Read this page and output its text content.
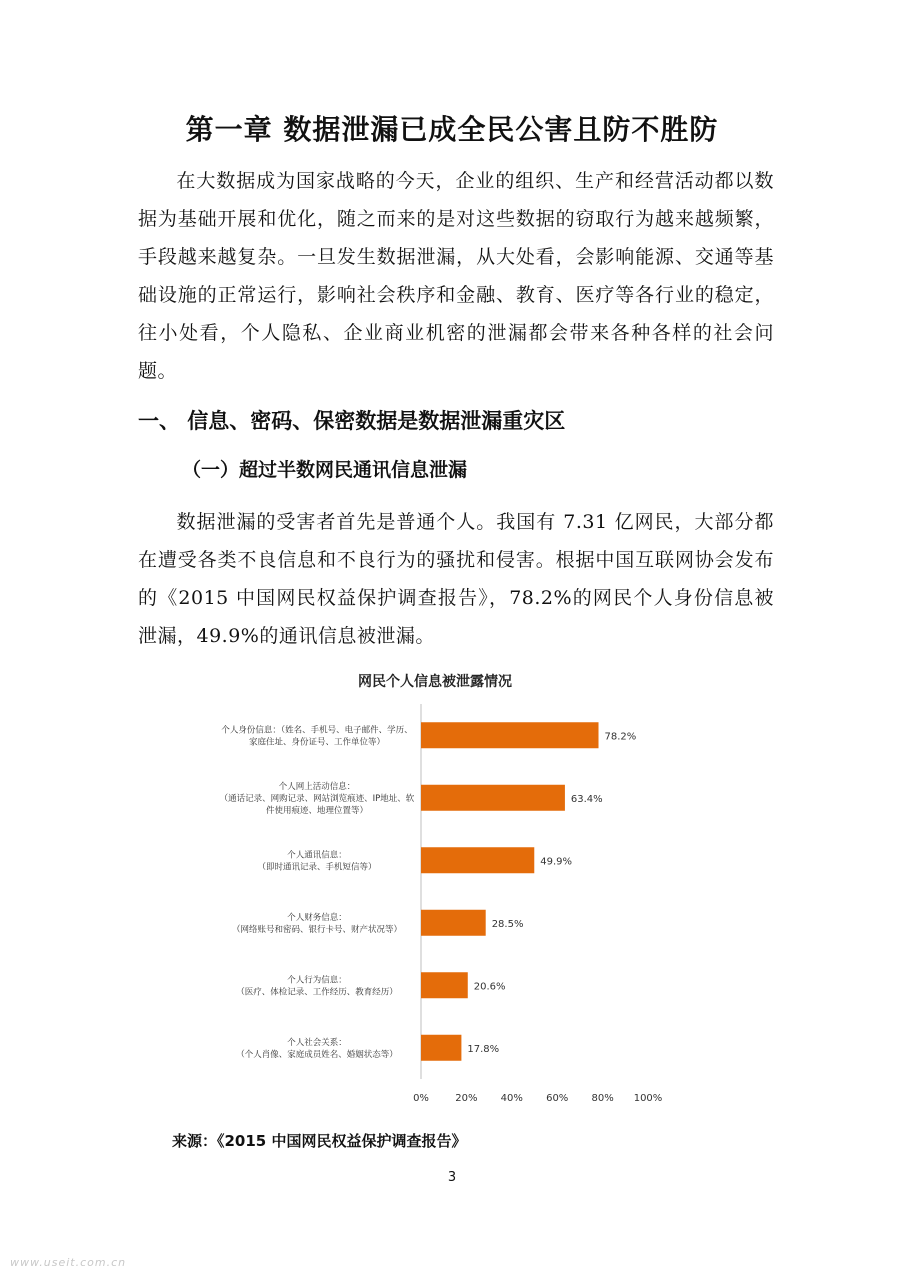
第一章 数据泄漏已成全民公害且防不胜防

在大数据成为国家战略的今天，企业的组织、生产和经营活动都以数据为基础开展和优化，随之而来的是对这些数据的窃取行为越来越频繁，手段越来越复杂。一旦发生数据泄漏，从大处看，会影响能源、交通等基础设施的正常运行，影响社会秩序和金融、教育、医疗等各行业的稳定，往小处看，个人隐私、企业商业机密的泄漏都会带来各种各样的社会问题。

一、 信息、密码、保密数据是数据泄漏重灾区
（一）超过半数网民通讯信息泄漏

数据泄漏的受害者首先是普通个人。我国有 7.31 亿网民，大部分都在遭受各类不良信息和不良行为的骚扰和侵害。根据中国互联网协会发布的《2015 中国网民权益保护调查报告》，78.2%的网民个人身份信息被泄漏，49.9%的通讯信息被泄漏。

网民个人信息被泄露情况
78.2%
个人身份信息：（姓名、手机号、电子邮件、学历、
家庭住址、身份证号、工作单位等）
63.4%
个人网上活动信息：
（通话记录、网购记录、网站浏览痕迹、IP地址、软
件使用痕迹、地理位置等）
49.9%
个人通讯信息：
（即时通讯记录、手机短信等）
28.5%
个人财务信息：
（网络账号和密码、银行卡号、财产状况等）
20.6%
个人行为信息：
（医疗、体检记录、工作经历、教育经历）
17.8%
个人社会关系：
（个人肖像、家庭成员姓名、婚姻状态等）
0%	20% 40% 60% 80% 100%
来源：《2015 中国网民权益保护调查报告》
3
www.useit.com.cn
